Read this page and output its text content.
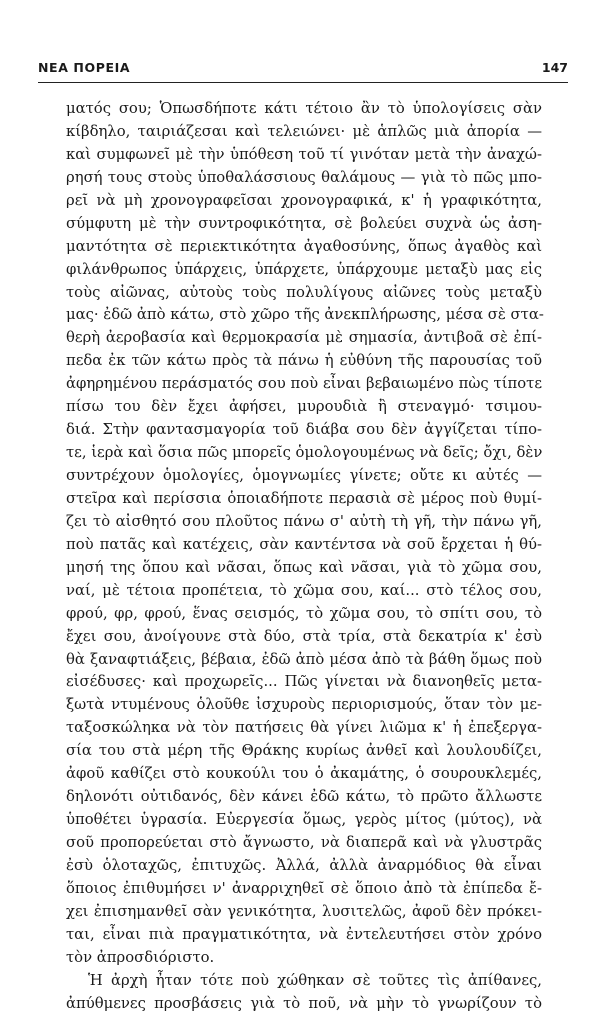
ΝΕΑ ΠΟΡΕΙΑ	147
ματός σου; Ὁπωσδήποτε κάτι τέτοιο ἂν τὸ ὑπολογίσεις σὰν
κίβδηλο, ταιριάζεσαι καὶ τελειώνει· μὲ ἁπλῶς μιὰ ἀπορία —
καὶ συμφωνεῖ μὲ τὴν ὑπόθεση τοῦ τί γινόταν μετὰ τὴν ἀναχώ-
ρησή τους στοὺς ὑποθαλάσσιους θαλάμους — γιὰ τὸ πῶς μπο-
ρεῖ νὰ μὴ χρονογραφεῖσαι χρονογραφικά, κ' ἡ γραφικότητα,
σύμφυτη μὲ τὴν συντροφικότητα, σὲ βολεύει συχνὰ ὡς ἀση-
μαντότητα σὲ περιεκτικότητα ἀγαθοσύνης, ὅπως ἀγαθὸς καὶ
φιλάνθρωπος ὑπάρχεις, ὑπάρχετε, ὑπάρχουμε μεταξὺ μας εἰς
τοὺς αἰῶνας, αὐτοὺς τοὺς πολυλίγους αἰῶνες τοὺς μεταξὺ
μας· ἐδῶ ἀπὸ κάτω, στὸ χῶρο τῆς ἀνεκπλήρωσης, μέσα σὲ στα-
θερὴ ἀεροβασία καὶ θερμοκρασία μὲ σημασία, ἀντιβοᾶ σὲ ἐπί-
πεδα ἐκ τῶν κάτω πρὸς τὰ πάνω ἡ εὐθύνη τῆς παρουσίας τοῦ
ἀφηρημένου περάσματός σου ποὺ εἶναι βεβαιωμένο πὼς τίποτε
πίσω του δὲν ἔχει ἀφήσει, μυρουδιὰ ἢ στεναγμό· τσιμου-
διά. Στὴν φαντασμαγορία τοῦ διάβα σου δὲν ἀγγίζεται τίπο-
τε, ἱερὰ καὶ ὅσια πῶς μπορεῖς ὁμολογουμένως νὰ δεῖς; ὄχι, δὲν
συντρέχουν ὁμολογίες, ὁμογνωμίες γίνετε; οὔτε κι αὐτές —
στεῖρα καὶ περίσσια ὁποιαδήποτε περασιὰ σὲ μέρος ποὺ θυμί-
ζει τὸ αἰσθητό σου πλοῦτος πάνω σ' αὐτὴ τὴ γῆ, τὴν πάνω γῆ,
ποὺ πατᾶς καὶ κατέχεις, σὰν καντέντσα νὰ σοῦ ἔρχεται ἡ θύ-
μησή της ὅπου καὶ νᾶσαι, ὅπως καὶ νᾶσαι, γιὰ τὸ χῶμα σου,
ναί, μὲ τέτοια προπέτεια, τὸ χῶμα σου, καί... στὸ τέλος σου,
φρού, φρ, φρού, ἕνας σεισμός, τὸ χῶμα σου, τὸ σπίτι σου, τὸ
ἔχει σου, ἀνοίγουνε στὰ δύο, στὰ τρία, στὰ δεκατρία κ' ἐσὺ
θὰ ξαναφτιάξεις, βέβαια, ἐδῶ ἀπὸ μέσα ἀπὸ τὰ βάθη ὅμως ποὺ
εἰσέδυσες· καὶ προχωρεῖς... Πῶς γίνεται νὰ διανοηθεῖς μετα-
ξωτὰ ντυμένους ὁλοῦθε ἰσχυροὺς περιορισμούς, ὅταν τὸν με-
ταξοσκώληκα νὰ τὸν πατήσεις θὰ γίνει λιῶμα κ' ἡ ἐπεξεργα-
σία του στὰ μέρη τῆς Θράκης κυρίως ἀνθεῖ καὶ λουλουδίζει,
ἀφοῦ καθίζει στὸ κουκούλι του ὁ ἀκαμάτης, ὁ σουρουκλεμές,
δηλονότι οὐτιδανός, δὲν κάνει ἐδῶ κάτω, τὸ πρῶτο ἄλλωστε
ὑποθέτει ὑγρασία. Εὐεργεσία ὅμως, γερὸς μίτος (μύτος), νὰ
σοῦ προπορεύεται στὸ ἄγνωστο, νὰ διαπερᾶ καὶ νὰ γλυστρᾶς
ἐσὺ ὁλοταχῶς, ἐπιτυχῶς. Ἀλλά, ἀλλὰ ἀναρμόδιος θὰ εἶναι
ὅποιος ἐπιθυμήσει ν' ἀναρριχηθεῖ σὲ ὅποιο ἀπὸ τὰ ἐπίπεδα ἔ-
χει ἐπισημανθεῖ σὰν γενικότητα, λυσιτελῶς, ἀφοῦ δὲν πρόκει-
ται, εἶναι πιὰ πραγματικότητα, νὰ ἐντελευτήσει στὸν χρόνο
τὸν ἀπροσδιόριστο.
Ἡ ἀρχὴ ἦταν τότε ποὺ χώθηκαν σὲ τοῦτες τὶς ἀπίθανες,
ἀπύθμενες προσβάσεις γιὰ τὸ ποῦ, νὰ μὴν τὸ γνωρίζουν τὸ
